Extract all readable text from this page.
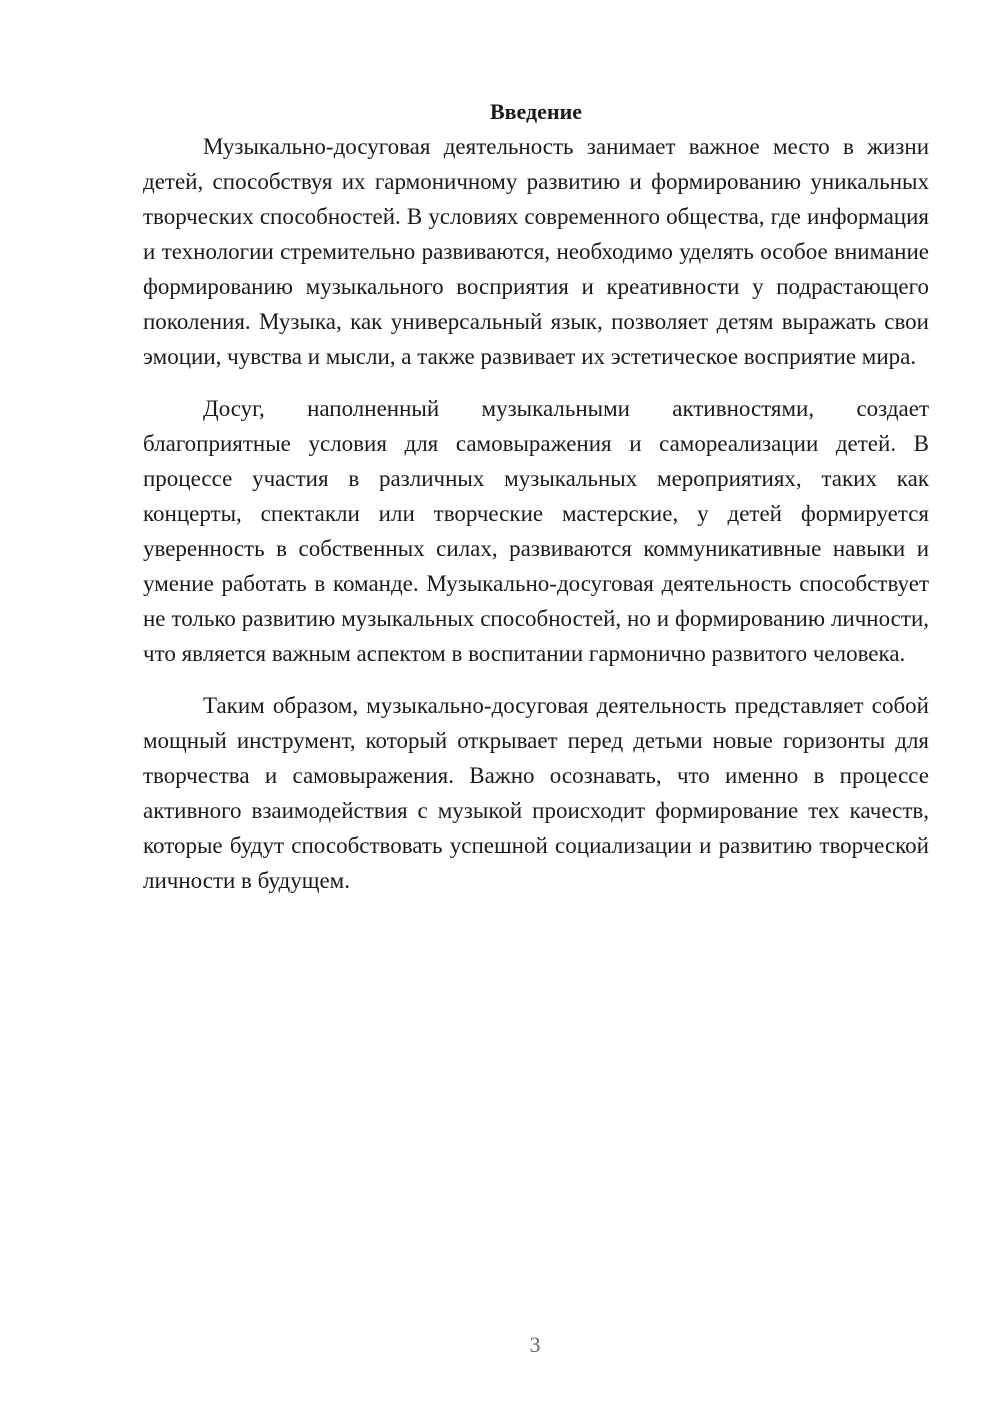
Введение

Музыкально-досуговая деятельность занимает важное место в жизни детей, способствуя их гармоничному развитию и формированию уникальных творческих способностей. В условиях современного общества, где информация и технологии стремительно развиваются, необходимо уделять особое внимание формированию музыкального восприятия и креативности у подрастающего поколения. Музыка, как универсальный язык, позволяет детям выражать свои эмоции, чувства и мысли, а также развивает их эстетическое восприятие мира.

Досуг, наполненный музыкальными активностями, создает благоприятные условия для самовыражения и самореализации детей. В процессе участия в различных музыкальных мероприятиях, таких как концерты, спектакли или творческие мастерские, у детей формируется уверенность в собственных силах, развиваются коммуникативные навыки и умение работать в команде. Музыкально-досуговая деятельность способствует не только развитию музыкальных способностей, но и формированию личности, что является важным аспектом в воспитании гармонично развитого человека.

Таким образом, музыкально-досуговая деятельность представляет собой мощный инструмент, который открывает перед детьми новые горизонты для творчества и самовыражения. Важно осознавать, что именно в процессе активного взаимодействия с музыкой происходит формирование тех качеств, которые будут способствовать успешной социализации и развитию творческой личности в будущем.

3
